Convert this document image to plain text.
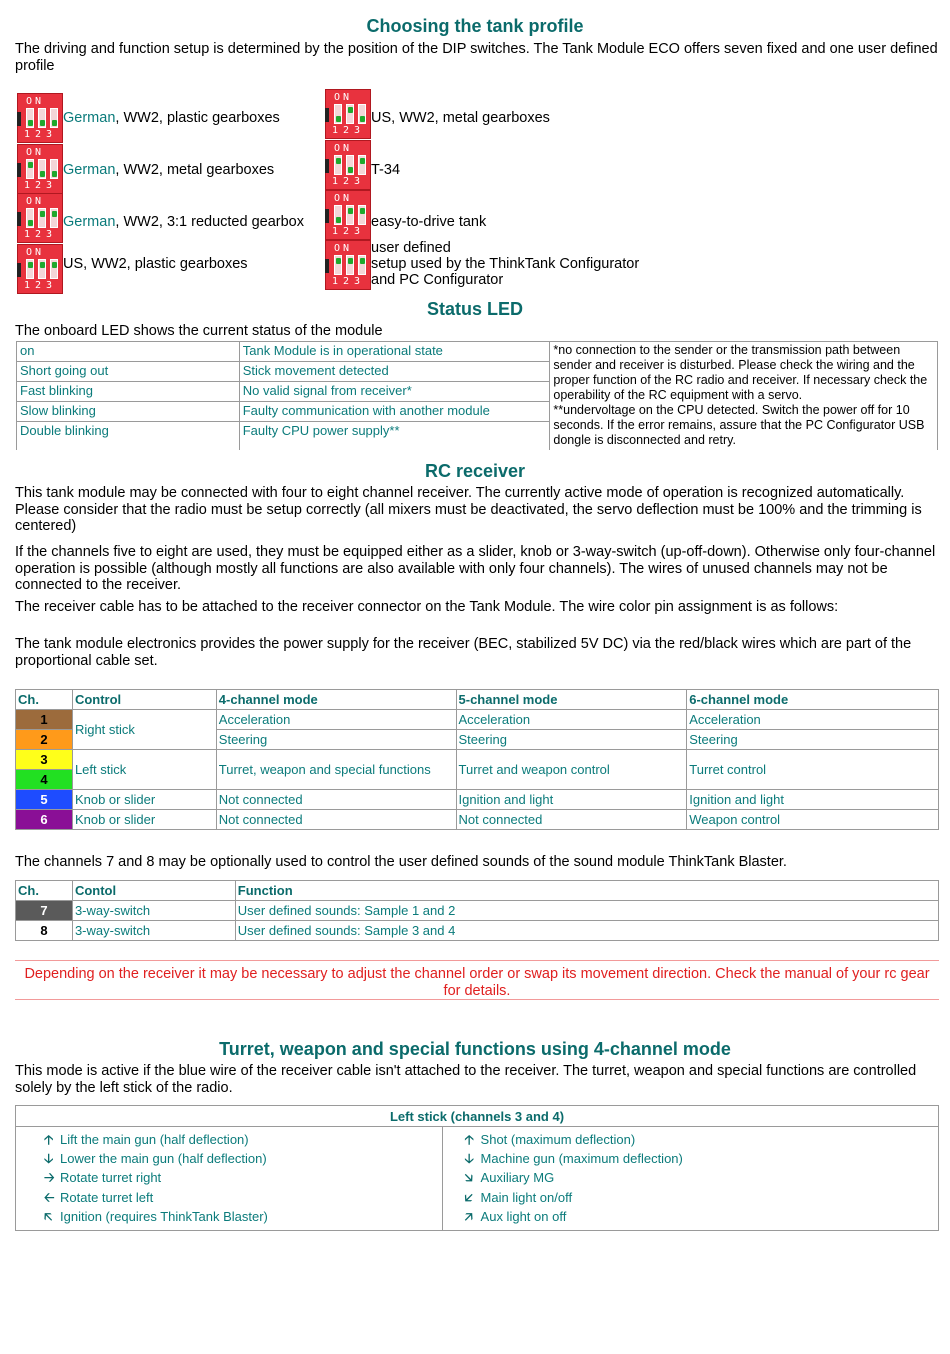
Choosing the tank profile

The driving and function setup is determined by the position of the DIP switches. The Tank Module ECO offers seven fixed and one user defined profile

ON
123
German, WW2, plastic gearboxes
ON
123
German, WW2, metal gearboxes
ON
123
German, WW2, 3:1 reducted gearbox
ON
123
US, WW2, plastic gearboxes
ON
123
US, WW2, metal gearboxes
ON
123
T-34
ON
123
easy-to-drive tank
ON
123
user defined
setup used by the ThinkTank Configurator
and PC Configurator
Status LED

The onboard LED shows the current status of the module

on	Tank Module is in operational state	*no connection to the sender or the transmission path between sender and receiver is disturbed. Please check the wiring and the proper function of the RC radio and receiver. If necessary check the operability of the RC equipment with a servo.
**undervoltage on the CPU detected. Switch the power off for 10 seconds. If the error remains, assure that the PC Configurator USB dongle is disconnected and retry.

Short going out	Stick movement detected	
Fast blinking	No valid signal from receiver*	
Slow blinking	Faulty communication with another module	
Double blinking	Faulty CPU power supply**	
RC receiver

This tank module may be connected with four to eight channel receiver. The currently active mode of operation is recognized automatically. Please consider that the radio must be setup correctly (all mixers must be deactivated, the servo deflection must be 100% and the trimming is centered)

If the channels five to eight are used, they must be equipped either as a slider, knob or 3-way-switch (up-off-down). Otherwise only four-channel operation is possible (although mostly all functions are also available with only four channels). The wires of unused channels may not be connected to the receiver.

The receiver cable has to be attached to the receiver connector on the Tank Module. The wire color pin assignment is as follows:

The tank module electronics provides the power supply for the receiver (BEC, stabilized 5V DC) via the red/black wires which are part of the proportional cable set.

Ch.	Control	4-channel mode	5-channel mode	6-channel mode
1	Right stick	Acceleration	Acceleration	Acceleration
2		Steering	Steering	Steering
3	Left stick	Turret, weapon and special functions	Turret and weapon control	Turret control
4				
5	Knob or slider	Not connected	Ignition and light	Ignition and light
6	Knob or slider	Not connected	Not connected	Weapon control

The channels 7 and 8 may be optionally used to control the user defined sounds of the sound module ThinkTank Blaster.

Ch.	Contol	Function
7	3-way-switch	User defined sounds: Sample 1 and 2
8	3-way-switch	User defined sounds: Sample 3 and 4
Depending on the receiver it may be necessary to adjust the channel order or swap its movement direction. Check the manual of your rc gear for details.
Turret, weapon and special functions using 4-channel mode

This mode is active if the blue wire of the receiver cable isn't attached to the receiver. The turret, weapon and special functions are controlled solely by the left stick of the radio.

Left stick (channels 3 and 4)

🡡 Lift the main gun (half deflection)
🡣 Lower the main gun (half deflection)
🡢 Rotate turret right
🡠 Rotate turret left
🡤 Ignition (requires ThinkTank Blaster)

🡡 Shot (maximum deflection)
🡣 Machine gun (maximum deflection)
🡦 Auxiliary MG
🡧 Main light on/off
🡥 Aux light on off
